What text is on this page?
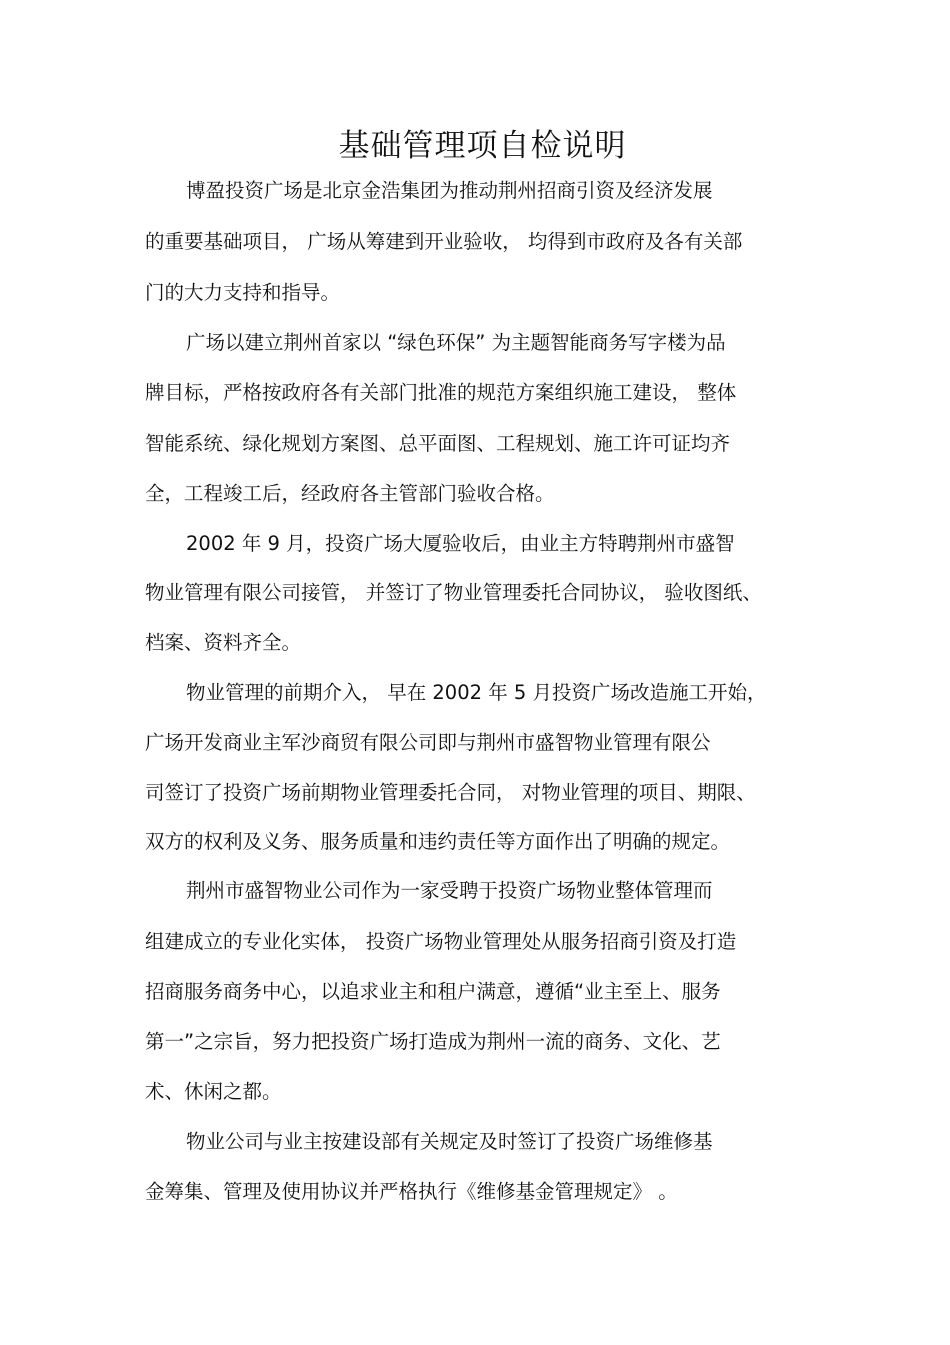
基础管理项自检说明
博盈投资广场是北京金浩集团为推动荆州招商引资及经济发展
的重要基础项目， 广场从筹建到开业验收， 均得到市政府及各有关部
门的大力支持和指导。
广场以建立荆州首家以 “绿色环保” 为主题智能商务写字楼为品
牌目标，严格按政府各有关部门批准的规范方案组织施工建设， 整体
智能系统、绿化规划方案图、总平面图、工程规划、施工许可证均齐
全，工程竣工后，经政府各主管部门验收合格。
2002 年 9 月，投资广场大厦验收后，由业主方特聘荆州市盛智
物业管理有限公司接管， 并签订了物业管理委托合同协议， 验收图纸、
档案、资料齐全。
物业管理的前期介入， 早在 2002 年 5 月投资广场改造施工开始，
广场开发商业主军沙商贸有限公司即与荆州市盛智物业管理有限公
司签订了投资广场前期物业管理委托合同， 对物业管理的项目、期限、
双方的权利及义务、服务质量和违约责任等方面作出了明确的规定。
荆州市盛智物业公司作为一家受聘于投资广场物业整体管理而
组建成立的专业化实体， 投资广场物业管理处从服务招商引资及打造
招商服务商务中心，以追求业主和租户满意，遵循“业主至上、服务
第一”之宗旨，努力把投资广场打造成为荆州一流的商务、文化、艺
术、休闲之都。
物业公司与业主按建设部有关规定及时签订了投资广场维修基
金筹集、管理及使用协议并严格执行《维修基金管理规定》 。
